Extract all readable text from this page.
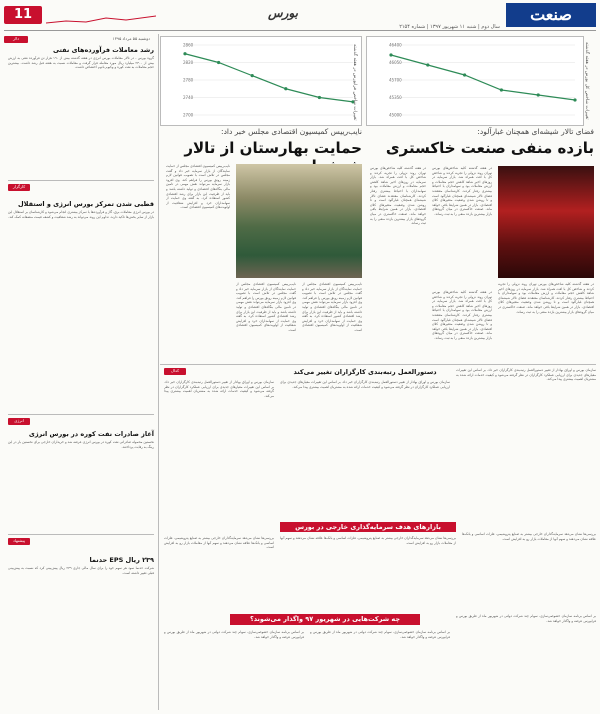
صنعت
بورس
11
سال دوم | شنبه ۱۱ شهریور ۱۳۹۷ | شماره ۲۱۵۴
45000
45350
45700
46050
46400	تغییرات شاخص کل بورس در هفته گذشته
2700
2740
2780
2820
2860	تغییرات شاخص فرابورس در هفته گذشته
فضای تالار شیشه‌ای همچنان غبارآلود:
بازده منفی صنعت خاکستری

در هفته گذشته کلیه شاخص‌های بورس تهران روند نزولی را تجربه کردند و شاخص کل با افت همراه شد. بازار سرمایه در روزهای اخیر شاهد کاهش حجم معاملات و ارزش معاملات بود و سهامداران با احتیاط بیشتری رفتار کردند. کارشناسان معتقدند فضای تالار شیشه‌ای همچنان غبارآلود است و تا روشن شدن وضعیت متغیرهای کلان اقتصادی، بازار در همین شرایط باقی خواهد ماند. صنعت خاکستری در میان گروه‌های بازار بیشترین بازده منفی را به ثبت رساند.

در هفته گذشته کلیه شاخص‌های بورس تهران روند نزولی را تجربه کردند و شاخص کل با افت همراه شد. بازار سرمایه در روزهای اخیر شاهد کاهش حجم معاملات و ارزش معاملات بود و سهامداران با احتیاط بیشتری رفتار کردند. کارشناسان معتقدند فضای تالار شیشه‌ای همچنان غبارآلود است و تا روشن شدن وضعیت متغیرهای کلان اقتصادی، بازار در همین شرایط باقی خواهد ماند. صنعت خاکستری در میان گروه‌های بازار بیشترین بازده منفی را به ثبت رساند.

در هفته گذشته کلیه شاخص‌های بورس تهران روند نزولی را تجربه کردند و شاخص کل با افت همراه شد. بازار سرمایه در روزهای اخیر شاهد کاهش حجم معاملات و ارزش معاملات بود و سهامداران با احتیاط بیشتری رفتار کردند. کارشناسان معتقدند فضای تالار شیشه‌ای همچنان غبارآلود است و تا روشن شدن وضعیت متغیرهای کلان اقتصادی، بازار در همین شرایط باقی خواهد ماند. صنعت خاکستری در میان گروه‌های بازار بیشترین بازده منفی را به ثبت رساند.

در هفته گذشته کلیه شاخص‌های بورس تهران روند نزولی را تجربه کردند و شاخص کل با افت همراه شد. بازار سرمایه در روزهای اخیر شاهد کاهش حجم معاملات و ارزش معاملات بود و سهامداران با احتیاط بیشتری رفتار کردند. کارشناسان معتقدند فضای تالار شیشه‌ای همچنان غبارآلود است و تا روشن شدن وضعیت متغیرهای کلان اقتصادی، بازار در همین شرایط باقی خواهد ماند. صنعت خاکستری در میان گروه‌های بازار بیشترین بازده منفی را به ثبت رساند.

نایب‌رییس کمیسیون اقتصادی مجلس خبر داد:
حمایت بهارستان از تالار

نایب‌رییس کمیسیون اقتصادی مجلس از حمایت نمایندگان از بازار سرمایه خبر داد و گفت مجلس در تلاش است با تصویب قوانین لازم زمینه رونق بورس را فراهم کند. وی افزود بازار سرمایه می‌تواند نقش مهمی در تامین مالی بنگاه‌های اقتصادی و تولید داشته باشد و باید از ظرفیت این بازار برای رشد اقتصادی کشور استفاده کرد. به گفته وی حمایت از سهامداران خرد و افزایش شفافیت از اولویت‌های کمیسیون اقتصادی است.

نایب‌رییس کمیسیون اقتصادی مجلس از حمایت نمایندگان از بازار سرمایه خبر داد و گفت مجلس در تلاش است با تصویب قوانین لازم زمینه رونق بورس را فراهم کند. وی افزود بازار سرمایه می‌تواند نقش مهمی در تامین مالی بنگاه‌های اقتصادی و تولید داشته باشد و باید از ظرفیت این بازار برای رشد اقتصادی کشور استفاده کرد. به گفته وی حمایت از سهامداران خرد و افزایش شفافیت از اولویت‌های کمیسیون اقتصادی است.

نایب‌رییس کمیسیون اقتصادی مجلس از حمایت نمایندگان از بازار سرمایه خبر داد و گفت مجلس در تلاش است با تصویب قوانین لازم زمینه رونق بورس را فراهم کند. وی افزود بازار سرمایه می‌تواند نقش مهمی در تامین مالی بنگاه‌های اقتصادی و تولید داشته باشد و باید از ظرفیت این بازار برای رشد اقتصادی کشور استفاده کرد. به گفته وی حمایت از سهامداران خرد و افزایش شفافیت از اولویت‌های کمیسیون اقتصادی است.

دلار	دوشنبه ۵۵ مرداد ۱۳۹۵
رشد معاملات فرآورده‌های نفتی

گروه بورس - در تالار معاملات بورس انرژی در هفته گذشته بیش از ۱۹۰ هزار تن فرآورده نفتی به ارزش بیش از ۲۳۰۰ میلیارد ریال مورد معامله قرار گرفت و معاملات نسبت به هفته قبل رشد داشت. بیشترین حجم معاملات به نفت کوره و وکیوم باتوم اختصاص داشت.

کارگزار
قطبی شدن تمرکز بورس انرژی و استقلال

در بورس انرژی معاملات برق، گاز و فرآورده‌ها با تمرکز بیشتری انجام می‌شود و کارشناسان بر استقلال این بازار از سایر بخش‌ها تاکید دارند. تداوم این روند می‌تواند به رشد شفافیت و کشف قیمت منصفانه کمک کند.

انرژی
آغاز صادرات نفت کوره در بورس انرژی

نخستین محموله صادراتی نفت کوره در بورس انرژی عرضه شد و خریداران خارجی برای نخستین بار در این رینگ به رقابت پرداختند.

پیشنهاد
۲۳۹ ریال EPS حدنما

شرکت حدنما سود هر سهم خود را برای سال مالی جاری ۲۳۹ ریال پیش‌بینی کرد که نسبت به پیش‌بینی قبلی تغییر داشته است.

کدال

سازمان بورس و اوراق بهادار از تغییر دستورالعمل رتبه‌بندی کارگزاران خبر داد. بر اساس این تغییرات معیارهای جدیدی برای ارزیابی عملکرد کارگزاران در نظر گرفته می‌شود و کیفیت خدمات ارائه شده به مشتریان اهمیت بیشتری پیدا می‌کند.

دستورالعمل رتبه‌بندی کارگزاران تغییر می‌کند

سازمان بورس و اوراق بهادار از تغییر دستورالعمل رتبه‌بندی کارگزاران خبر داد. بر اساس این تغییرات معیارهای جدیدی برای ارزیابی عملکرد کارگزاران در نظر گرفته می‌شود و کیفیت خدمات ارائه شده به مشتریان اهمیت بیشتری پیدا می‌کند.

سازمان بورس و اوراق بهادار از تغییر دستورالعمل رتبه‌بندی کارگزاران خبر داد. بر اساس این تغییرات معیارهای جدیدی برای ارزیابی عملکرد کارگزاران در نظر گرفته می‌شود و کیفیت خدمات ارائه شده به مشتریان اهمیت بیشتری پیدا می‌کند.

بازارهای هدف سرمایه‌گذاری خارجی در بورس

بررسی‌ها نشان می‌دهد سرمایه‌گذاران خارجی بیشتر به صنایع پتروشیمی، فلزات اساسی و بانک‌ها علاقه نشان می‌دهند و سهم آنها از معاملات بازار رو به افزایش است.

بررسی‌ها نشان می‌دهد سرمایه‌گذاران خارجی بیشتر به صنایع پتروشیمی، فلزات اساسی و بانک‌ها علاقه نشان می‌دهند و سهم آنها از معاملات بازار رو به افزایش است.

بررسی‌ها نشان می‌دهد سرمایه‌گذاران خارجی بیشتر به صنایع پتروشیمی، فلزات اساسی و بانک‌ها علاقه نشان می‌دهند و سهم آنها از معاملات بازار رو به افزایش است.

چه شرکت‌هایی در شهریور ۹۷ واگذار می‌شوند؟

بر اساس برنامه سازمان خصوصی‌سازی، سهام چند شرکت دولتی در شهریور ماه از طریق بورس و فرابورس عرضه و واگذار خواهد شد.

بر اساس برنامه سازمان خصوصی‌سازی، سهام چند شرکت دولتی در شهریور ماه از طریق بورس و فرابورس عرضه و واگذار خواهد شد.

بر اساس برنامه سازمان خصوصی‌سازی، سهام چند شرکت دولتی در شهریور ماه از طریق بورس و فرابورس عرضه و واگذار خواهد شد.
